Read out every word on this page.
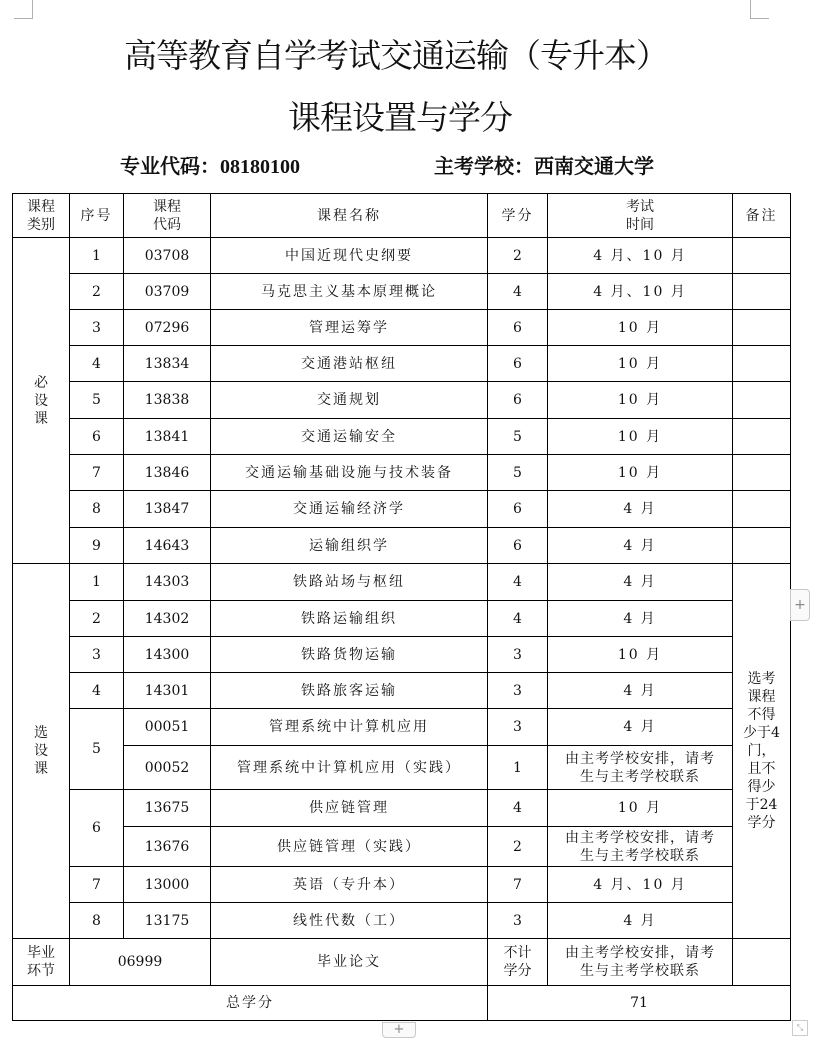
高等教育自学考试交通运输（专升本）
课程设置与学分
专业代码：08180100	主考学校：西南交通大学
课程类别	序号	课程代码	课程名称	学分	考试时间	备注

必设课	1	03708	中国近现代史纲要	2	4 月、10 月	
	2	03709	马克思主义基本原理概论	4	4 月、10 月	
	3	07296	管理运筹学	6	10 月	
	4	13834	交通港站枢纽	6	10 月	
	5	13838	交通规划	6	10 月	
	6	13841	交通运输安全	5	10 月	
	7	13846	交通运输基础设施与技术装备	5	10 月	
	8	13847	交通运输经济学	6	4 月	
	9	14643	运输组织学	6	4 月	

选设课	1	14303	铁路站场与枢纽	4	4 月	选考课程不得少于4门，且不得少于24学分

	2	14302	铁路运输组织	4	4 月	
	3	14300	铁路货物运输	3	10 月	
	4	14301	铁路旅客运输	3	4 月	
	5	00051	管理系统中计算机应用	3	4 月	
		00052	管理系统中计算机应用（实践）	1	由主考学校安排，请考生与主考学校联系	
	6	13675	供应链管理	4	10 月	
		13676	供应链管理（实践）	2	由主考学校安排，请考生与主考学校联系	
	7	13000	英语（专升本）	7	4 月、10 月	
	8	13175	线性代数（工）	3	4 月	

毕业环节	06999		毕业论文	不计学分	由主考学校安排，请考生与主考学校联系	
总学分				71		
+
+	⤡
